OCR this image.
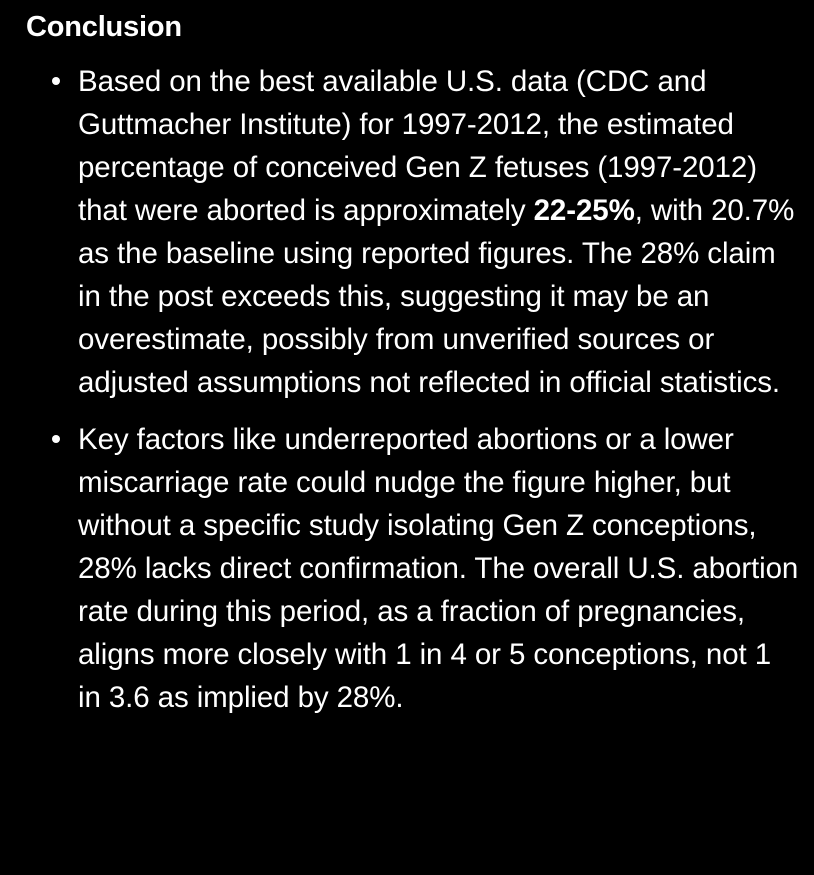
Conclusion
Based on the best available U.S. data (CDC and Guttmacher Institute) for 1997-2012, the estimated percentage of conceived Gen Z fetuses (1997-2012) that were aborted is approximately 22-25%, with 20.7% as the baseline using reported figures. The 28% claim in the post exceeds this, suggesting it may be an overestimate, possibly from unverified sources or adjusted assumptions not reflected in official statistics.
Key factors like underreported abortions or a lower miscarriage rate could nudge the figure higher, but without a specific study isolating Gen Z conceptions, 28% lacks direct confirmation. The overall U.S. abortion rate during this period, as a fraction of pregnancies, aligns more closely with 1 in 4 or 5 conceptions, not 1 in 3.6 as implied by 28%.
